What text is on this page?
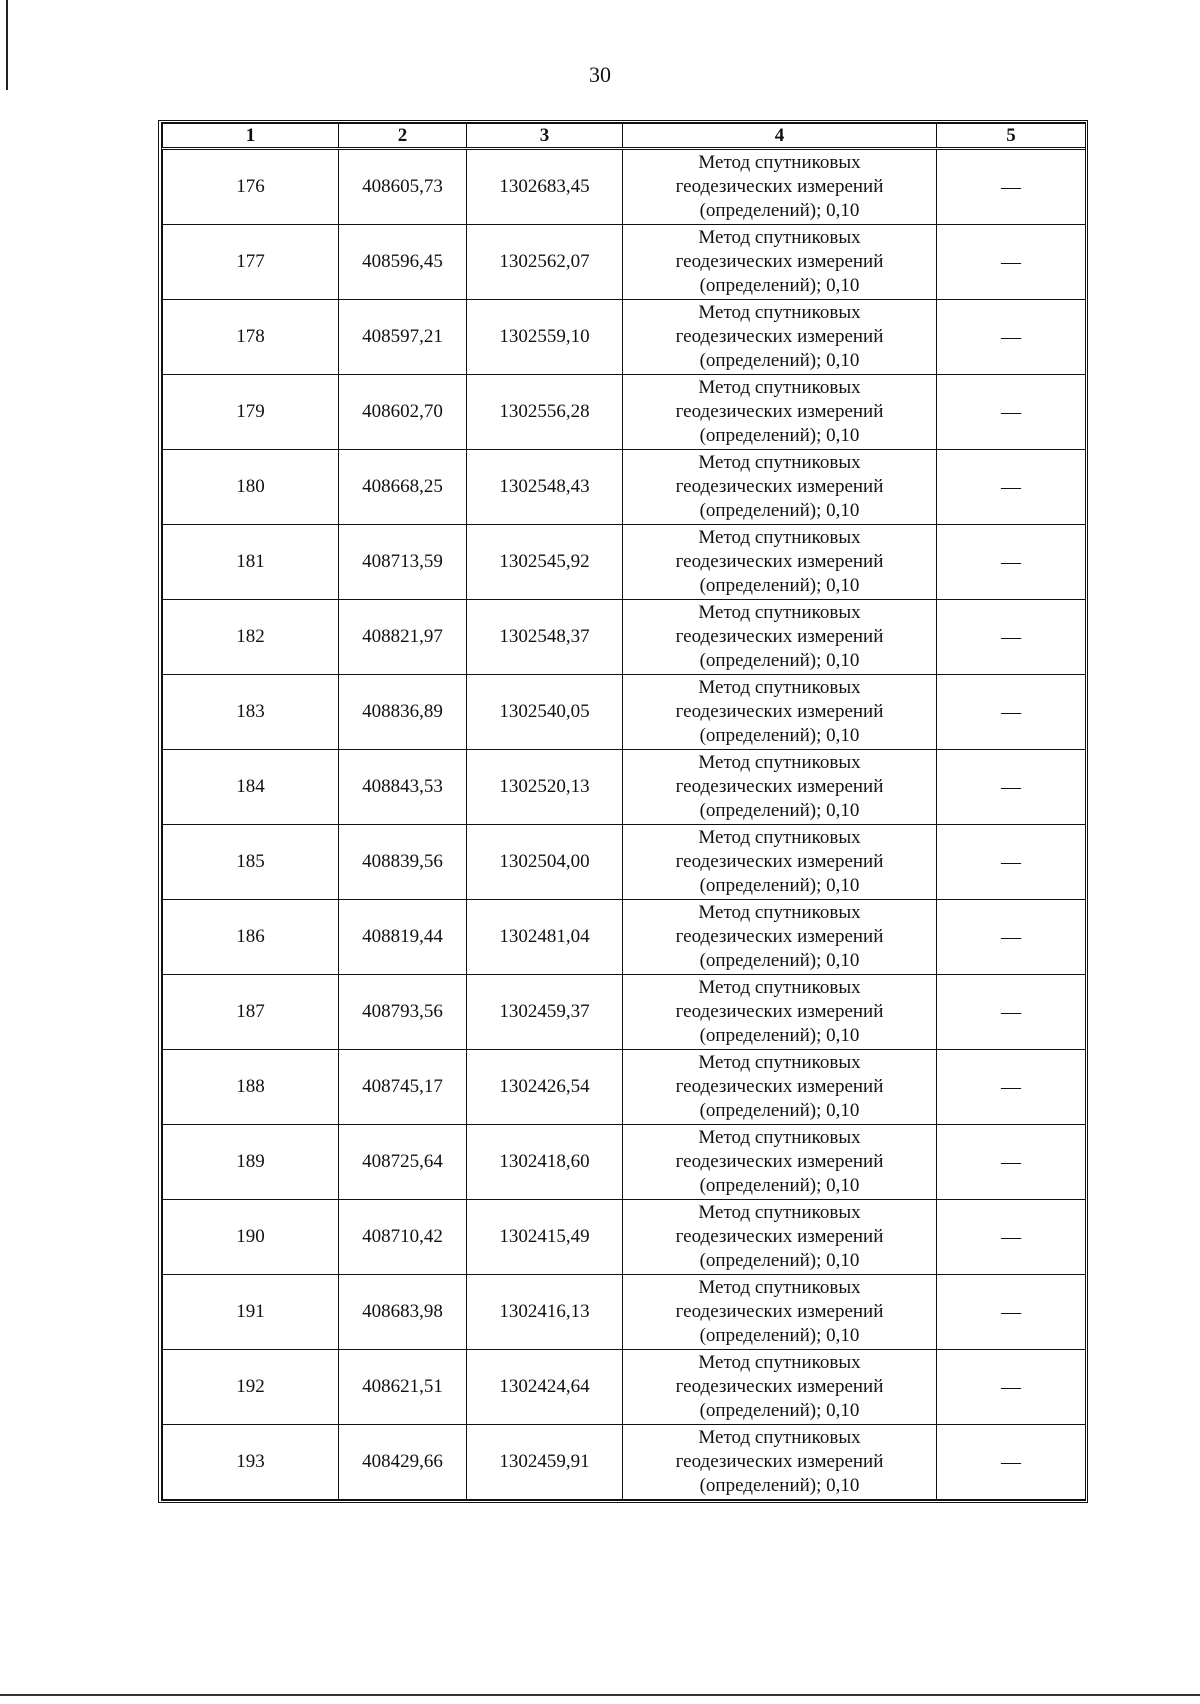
30
1	2	3	4	5
176	408605,73	1302683,45	Метод спутниковых
геодезических измерений
(определений); 0,10	—
177	408596,45	1302562,07	Метод спутниковых
геодезических измерений
(определений); 0,10	—
178	408597,21	1302559,10	Метод спутниковых
геодезических измерений
(определений); 0,10	—
179	408602,70	1302556,28	Метод спутниковых
геодезических измерений
(определений); 0,10	—
180	408668,25	1302548,43	Метод спутниковых
геодезических измерений
(определений); 0,10	—
181	408713,59	1302545,92	Метод спутниковых
геодезических измерений
(определений); 0,10	—
182	408821,97	1302548,37	Метод спутниковых
геодезических измерений
(определений); 0,10	—
183	408836,89	1302540,05	Метод спутниковых
геодезических измерений
(определений); 0,10	—
184	408843,53	1302520,13	Метод спутниковых
геодезических измерений
(определений); 0,10	—
185	408839,56	1302504,00	Метод спутниковых
геодезических измерений
(определений); 0,10	—
186	408819,44	1302481,04	Метод спутниковых
геодезических измерений
(определений); 0,10	—
187	408793,56	1302459,37	Метод спутниковых
геодезических измерений
(определений); 0,10	—
188	408745,17	1302426,54	Метод спутниковых
геодезических измерений
(определений); 0,10	—
189	408725,64	1302418,60	Метод спутниковых
геодезических измерений
(определений); 0,10	—
190	408710,42	1302415,49	Метод спутниковых
геодезических измерений
(определений); 0,10	—
191	408683,98	1302416,13	Метод спутниковых
геодезических измерений
(определений); 0,10	—
192	408621,51	1302424,64	Метод спутниковых
геодезических измерений
(определений); 0,10	—
193	408429,66	1302459,91	Метод спутниковых
геодезических измерений
(определений); 0,10	—
